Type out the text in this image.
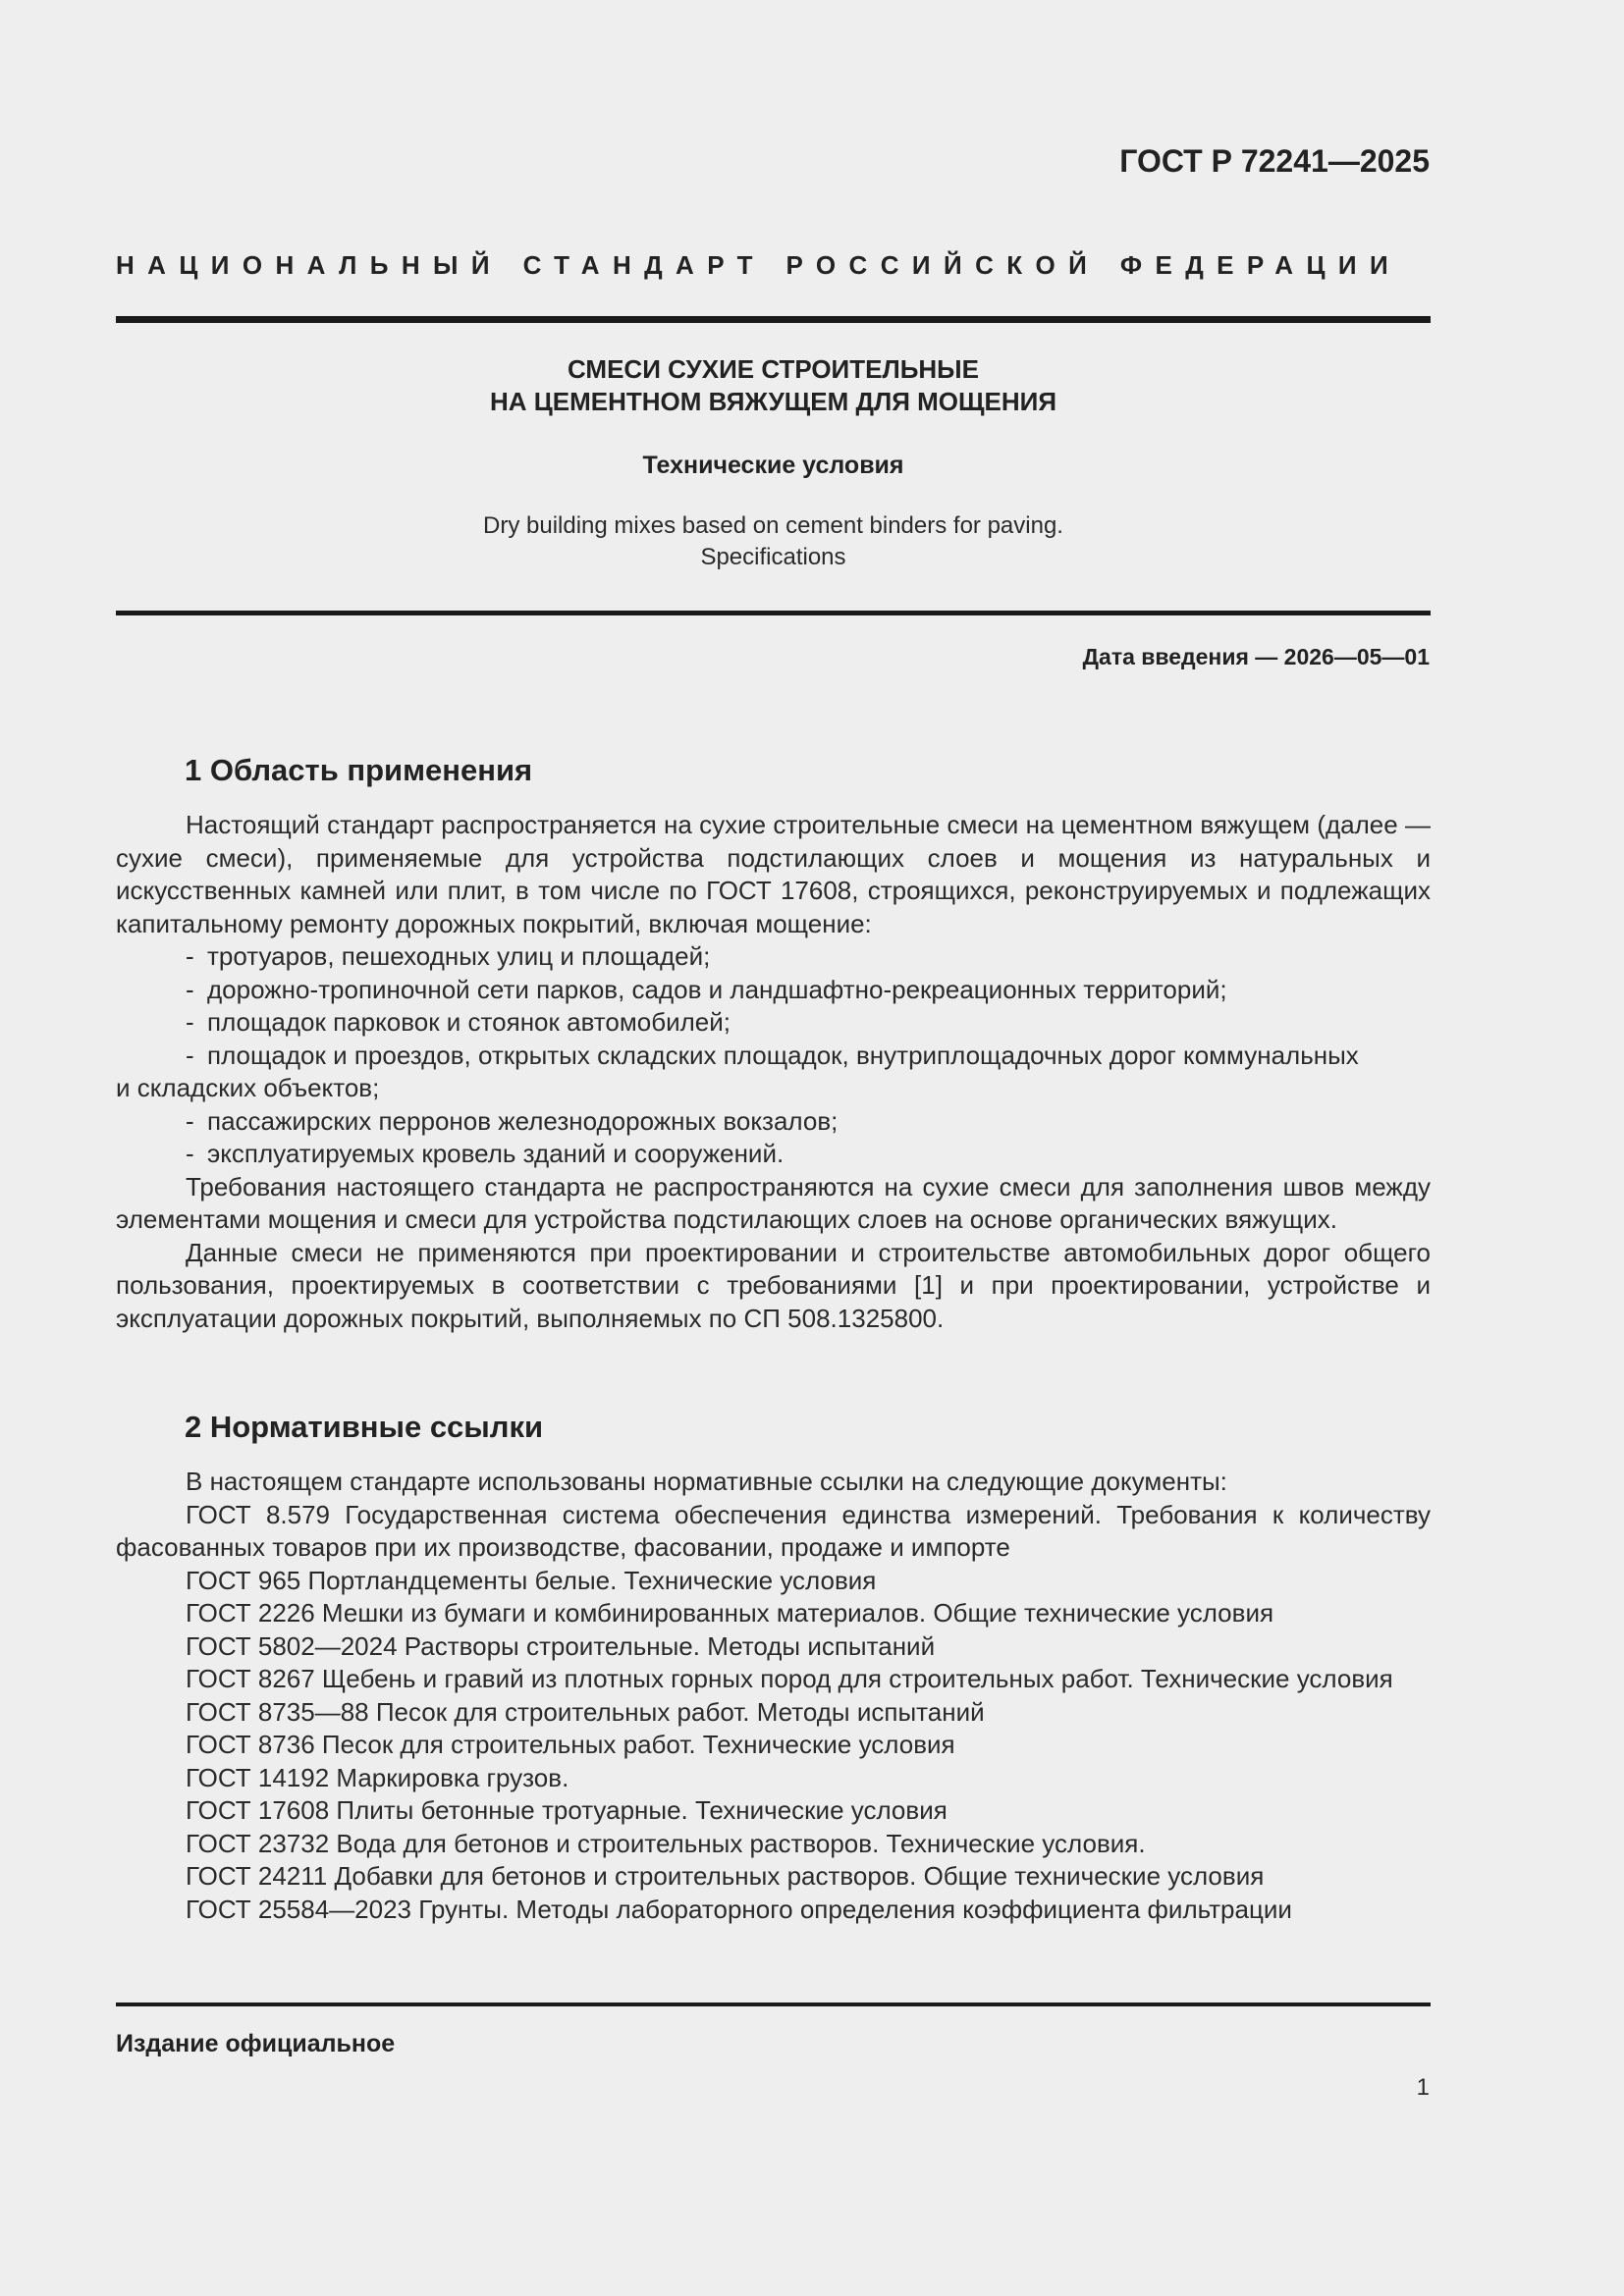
ГОСТ Р 72241—2025
НАЦИОНАЛЬНЫЙ СТАНДАРТ РОССИЙСКОЙ ФЕДЕРАЦИИ
СМЕСИ СУХИЕ СТРОИТЕЛЬНЫЕ
НА ЦЕМЕНТНОМ ВЯЖУЩЕМ ДЛЯ МОЩЕНИЯ
Технические условия
Dry building mixes based on cement binders for paving.
Specifications
Дата введения — 2026—05—01
1 Область применения

Настоящий стандарт распространяется на сухие строительные смеси на цементном вяжущем (далее — сухие смеси), применяемые для устройства подстилающих слоев и мощения из натуральных и искусственных камней или плит, в том числе по ГОСТ 17608, строящихся, реконструируемых и подлежащих капитальному ремонту дорожных покрытий, включая мощение:

- тротуаров, пешеходных улиц и площадей;
- дорожно-тропиночной сети парков, садов и ландшафтно-рекреационных территорий;
- площадок парковок и стоянок автомобилей;
- площадок и проездов, открытых складских площадок, внутриплощадочных дорог коммунальных
и складских объектов;
- пассажирских перронов железнодорожных вокзалов;
- эксплуатируемых кровель зданий и сооружений.

Требования настоящего стандарта не распространяются на сухие смеси для заполнения швов между элементами мощения и смеси для устройства подстилающих слоев на основе органических вяжущих.

Данные смеси не применяются при проектировании и строительстве автомобильных дорог общего пользования, проектируемых в соответствии с требованиями [1] и при проектировании, устройстве и эксплуатации дорожных покрытий, выполняемых по СП 508.1325800.

2 Нормативные ссылки

В настоящем стандарте использованы нормативные ссылки на следующие документы:

ГОСТ 8.579 Государственная система обеспечения единства измерений. Требования к количеству фасованных товаров при их производстве, фасовании, продаже и импорте

ГОСТ 965 Портландцементы белые. Технические условия

ГОСТ 2226 Мешки из бумаги и комбинированных материалов. Общие технические условия

ГОСТ 5802—2024 Растворы строительные. Методы испытаний

ГОСТ 8267 Щебень и гравий из плотных горных пород для строительных работ. Технические условия

ГОСТ 8735—88 Песок для строительных работ. Методы испытаний

ГОСТ 8736 Песок для строительных работ. Технические условия

ГОСТ 14192 Маркировка грузов.

ГОСТ 17608 Плиты бетонные тротуарные. Технические условия

ГОСТ 23732 Вода для бетонов и строительных растворов. Технические условия.

ГОСТ 24211 Добавки для бетонов и строительных растворов. Общие технические условия

ГОСТ 25584—2023 Грунты. Методы лабораторного определения коэффициента фильтрации

Издание официальное
1
